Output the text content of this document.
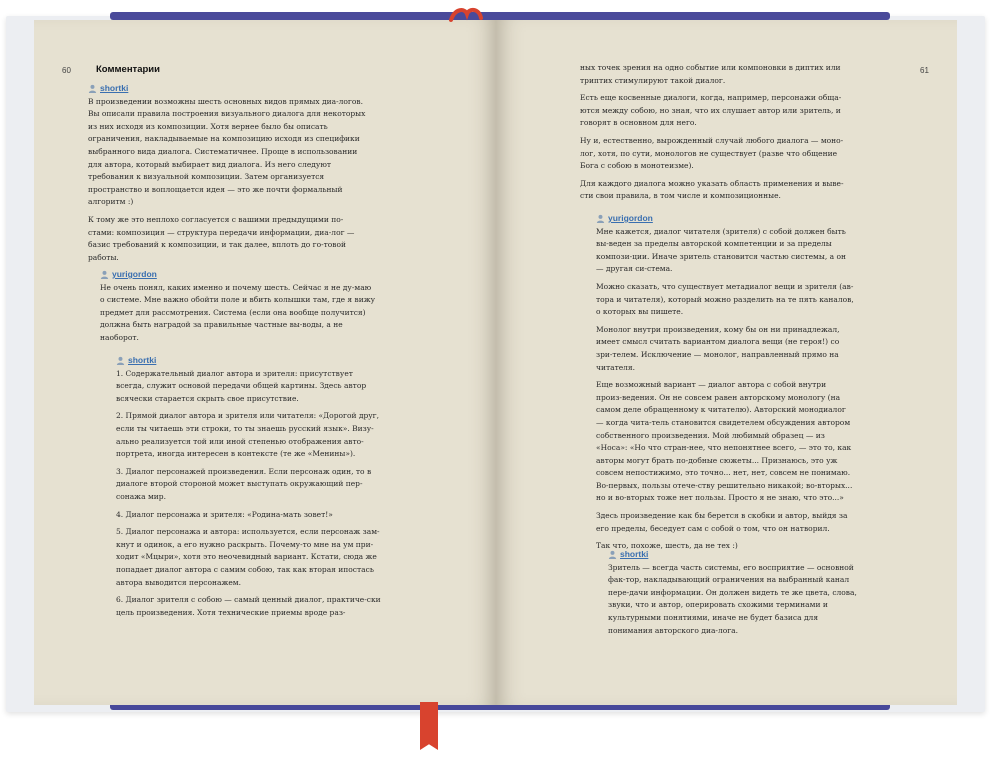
60	Комментарии
shortki

В произведении возможны шесть основных видов прямых диа-логов. Вы описали правила построения визуального диалога для некоторых из них исходя из композиции. Хотя вернее было бы описать ограничения, накладываемые на композицию исходя из специфики выбранного вида диалога. Систематичнее. Проще в использовании для автора, который выбирает вид диалога. Из него следуют требования к визуальной композиции. Затем организуется пространство и воплощается идея — это же почти формальный алгоритм :)

К тому же это неплохо согласуется с вашими предыдущими по-стами: композиция — структура передачи информации, диа-лог — базис требований к композиции, и так далее, вплоть до го-товой работы.

yurigordon

Не очень понял, каких именно и почему шесть. Сейчас я не ду-маю о системе. Мне важно обойти поле и вбить колышки там, где я вижу предмет для рассмотрения. Система (если она вообще получится) должна быть наградой за правильные частные вы-воды, а не наоборот.

shortki

1. Содержательный диалог автора и зрителя: присутствует всегда, служит основой передачи общей картины. Здесь автор всячески старается скрыть свое присутствие.

2. Прямой диалог автора и зрителя или читателя: «Дорогой друг, если ты читаешь эти строки, то ты знаешь русский язык». Визу-ально реализуется той или иной степенью отображения авто-портрета, иногда интересен в контексте (те же «Менины»).

3. Диалог персонажей произведения. Если персонаж один, то в диалоге второй стороной может выступать окружающий пер-сонажа мир.

4. Диалог персонажа и зрителя: «Родина-мать зовет!»

5. Диалог персонажа и автора: используется, если персонаж зам-кнут и одинок, а его нужно раскрыть. Почему-то мне на ум при-ходит «Мцыри», хотя это неочевидный вариант. Кстати, сюда же попадает диалог автора с самим собою, так как вторая ипостась автора выводится персонажем.

6. Диалог зрителя с собою — самый ценный диалог, практиче-ски цель произведения. Хотя технические приемы вроде раз-

61

ных точек зрения на одно событие или компоновки в диптих или триптих стимулируют такой диалог.

Есть еще косвенные диалоги, когда, например, персонажи обща-ются между собою, но зная, что их слушает автор или зритель, и говорят в основном для него.

Ну и, естественно, вырожденный случай любого диалога — моно-лог, хотя, по сути, монологов не существует (разве что общение Бога с собою в монотеизме).

Для каждого диалога можно указать область применения и выве-сти свои правила, в том числе и композиционные.

yurigordon

Мне кажется, диалог читателя (зрителя) с собой должен быть вы-веден за пределы авторской компетенции и за пределы компози-ции. Иначе зритель становится частью системы, а он — другая си-стема.

Можно сказать, что существует метадиалог вещи и зрителя (ав-тора и читателя), который можно разделить на те пять каналов, о которых вы пишете.

Монолог внутри произведения, кому бы он ни принадлежал, имеет смысл считать вариантом диалога вещи (не героя!) со зри-телем. Исключение — монолог, направленный прямо на читателя.

Еще возможный вариант — диалог автора с собой внутри произ-ведения. Он не совсем равен авторскому монологу (на самом деле обращенному к читателю). Авторский монодиалог — когда чита-тель становится свидетелем обсуждения автором собственного произведения. Мой любимый образец — из «Носа»: «Но что стран-нее, что непонятнее всего, — это то, как авторы могут брать по-добные сюжеты... Признаюсь, это уж совсем непостижимо, это точно... нет, нет, совсем не понимаю. Во-первых, пользы отече-ству решительно никакой; во-вторых... но и во-вторых тоже нет пользы. Просто я не знаю, что это...»

Здесь произведение как бы берется в скобки и автор, выйдя за его пределы, беседует сам с собой о том, что он натворил.

Так что, похоже, шесть, да не тех :)

shortki

Зритель — всегда часть системы, его восприятие — основной фак-тор, накладывающий ограничения на выбранный канал пере-дачи информации. Он должен видеть те же цвета, слова, звуки, что и автор, оперировать схожими терминами и культурными понятиями, иначе не будет базиса для понимания авторского диа-лога.
